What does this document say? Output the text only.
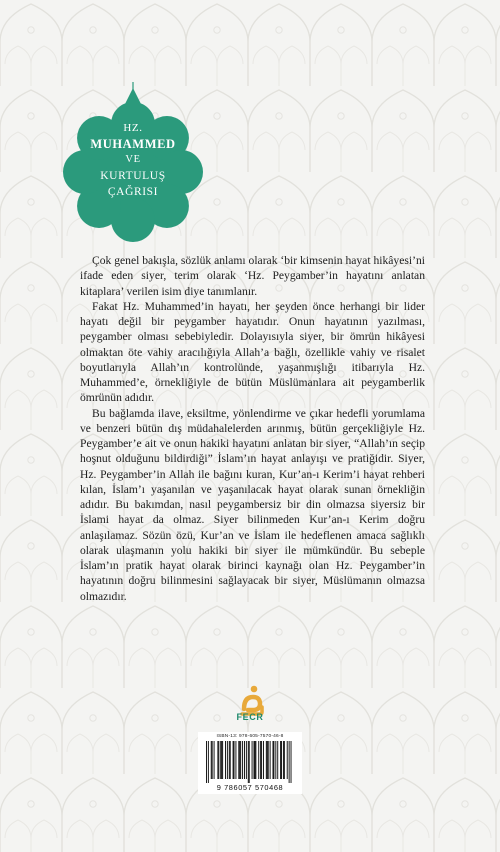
HZ.
MUHAMMED
VE
KURTULUŞ
ÇAĞRISI

Çok genel bakışla, sözlük anlamı olarak ‘bir kimsenin hayat hikâyesi’ni ifade eden siyer, terim olarak ‘Hz. Peygamber’in hayatını anlatan kitaplara’ verilen isim diye tanımlanır.

Fakat Hz. Muhammed’in hayatı, her şeyden önce herhangi bir lider hayatı değil bir peygamber hayatıdır. Onun hayatının yazılması, peygamber olması sebebiyledir. Dolayısıyla siyer, bir ömrün hikâyesi olmaktan öte vahiy aracılığıyla Allah’a bağlı, özellikle vahiy ve risalet boyutlarıyla Allah’ın kontrolünde, yaşanmışlığı itibarıyla Hz. Muhammed’e, örnekliğiyle de bütün Müslümanlara ait peygamberlik ömrünün adıdır.

Bu bağlamda ilave, eksiltme, yönlendirme ve çıkar hedefli yorumlama ve benzeri bütün dış müdahalelerden arınmış, bütün gerçekliğiyle Hz. Peygamber’e ait ve onun hakiki hayatını anlatan bir siyer, “Allah’ın seçip hoşnut olduğunu bildirdiği” İslam’ın hayat anlayışı ve pratiğidir. Siyer, Hz. Peygamber’in Allah ile bağını kuran, Kur’an-ı Kerim’i hayat rehberi kılan, İslam’ı yaşanılan ve yaşanılacak hayat olarak sunan örnekliğin adıdır. Bu bakımdan, nasıl peygambersiz bir din olmazsa siyersiz bir İslami hayat da olmaz. Siyer bilinmeden Kur’an-ı Kerim doğru anlaşılamaz. Sözün özü, Kur’an ve İslam ile hedeflenen amaca sağlıklı olarak ulaşmanın yolu hakiki bir siyer ile mümkündür. Bu sebeple İslam’ın pratik hayat olarak birinci kaynağı olan Hz. Peygamber’in hayatının doğru bilinmesini sağlayacak bir siyer, Müslümanın olmazsa olmazıdır.

FECR
ISBN-13: 978-605-7570-46-8
9 786057 570468
